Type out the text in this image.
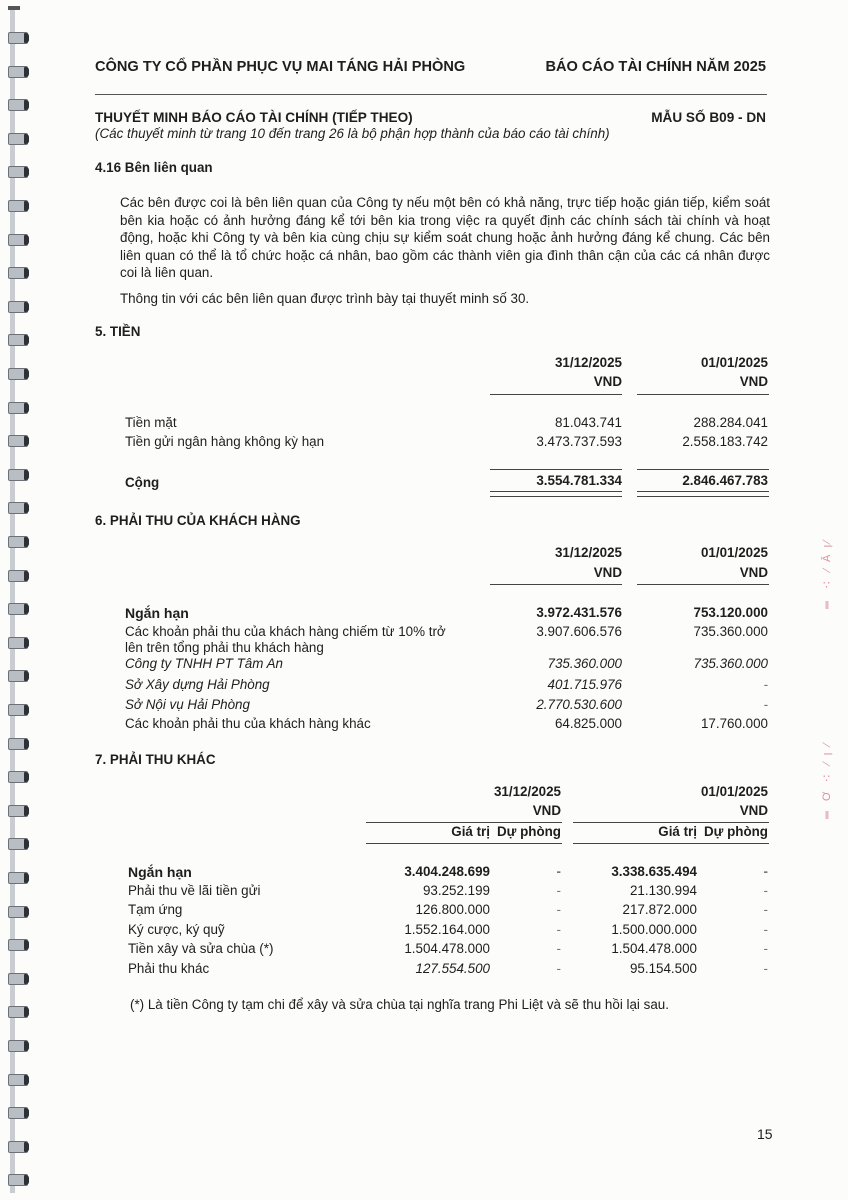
CÔNG TY CỔ PHẦN PHỤC VỤ MAI TÁNG HẢI PHÒNG	BÁO CÁO TÀI CHÍNH NĂM 2025
THUYẾT MINH BÁO CÁO TÀI CHÍNH (TIẾP THEO)	MẪU SỐ B09 - DN
(Các thuyết minh từ trang 10 đến trang 26 là bộ phận hợp thành của báo cáo tài chính)
4.16 Bên liên quan
Các bên được coi là bên liên quan của Công ty nếu một bên có khả năng, trực tiếp hoặc gián tiếp, kiểm soát bên kia hoặc có ảnh hưởng đáng kể tới bên kia trong việc ra quyết định các chính sách tài chính và hoạt động, hoặc khi Công ty và bên kia cùng chịu sự kiểm soát chung hoặc ảnh hưởng đáng kể chung. Các bên liên quan có thể là tổ chức hoặc cá nhân, bao gồm các thành viên gia đình thân cận của các cá nhân được coi là liên quan.
Thông tin với các bên liên quan được trình bày tại thuyết minh số 30.
5. TIỀN
31/12/2025	01/01/2025
VND	VND
Tiền mặt	81.043.741	288.284.041
Tiền gửi ngân hàng không kỳ hạn	3.473.737.593	2.558.183.742
Cộng	3.554.781.334	2.846.467.783
6. PHẢI THU CỦA KHÁCH HÀNG
31/12/2025	01/01/2025
VND	VND
Ngắn hạn	3.972.431.576	753.120.000
Các khoản phải thu của khách hàng chiếm từ 10% trở
lên trên tổng phải thu khách hàng
3.907.606.576	735.360.000
Công ty TNHH PT Tâm An	735.360.000	735.360.000
Sở Xây dựng Hải Phòng	401.715.976	-
Sở Nội vụ Hải Phòng	2.770.530.600	-
Các khoản phải thu của khách hàng khác	64.825.000	17.760.000
7. PHẢI THU KHÁC
31/12/2025	01/01/2025
VND	VND
Giá trị Dự phòng	Giá trị Dự phòng
Ngắn hạn	3.404.248.699	-	3.338.635.494	-
Phải thu về lãi tiền gửi	93.252.199	-	21.130.994	-
Tạm ứng	126.800.000	-	217.872.000	-
Ký cược, ký quỹ	1.552.164.000	-	1.500.000.000	-
Tiền xây và sửa chùa (*)	1.504.478.000	-	1.504.478.000	-
Phải thu khác	127.554.500	-	95.154.500	-
(*) Là tiền Công ty tạm chi để xây và sửa chùa tại nghĩa trang Phi Liệt và sẽ thu hồi lại sau.
15
‖ ∴ ⁄ Ā ꞁ⁄
‖ Ơ ∴ ⁄ ꞁ ⁄
